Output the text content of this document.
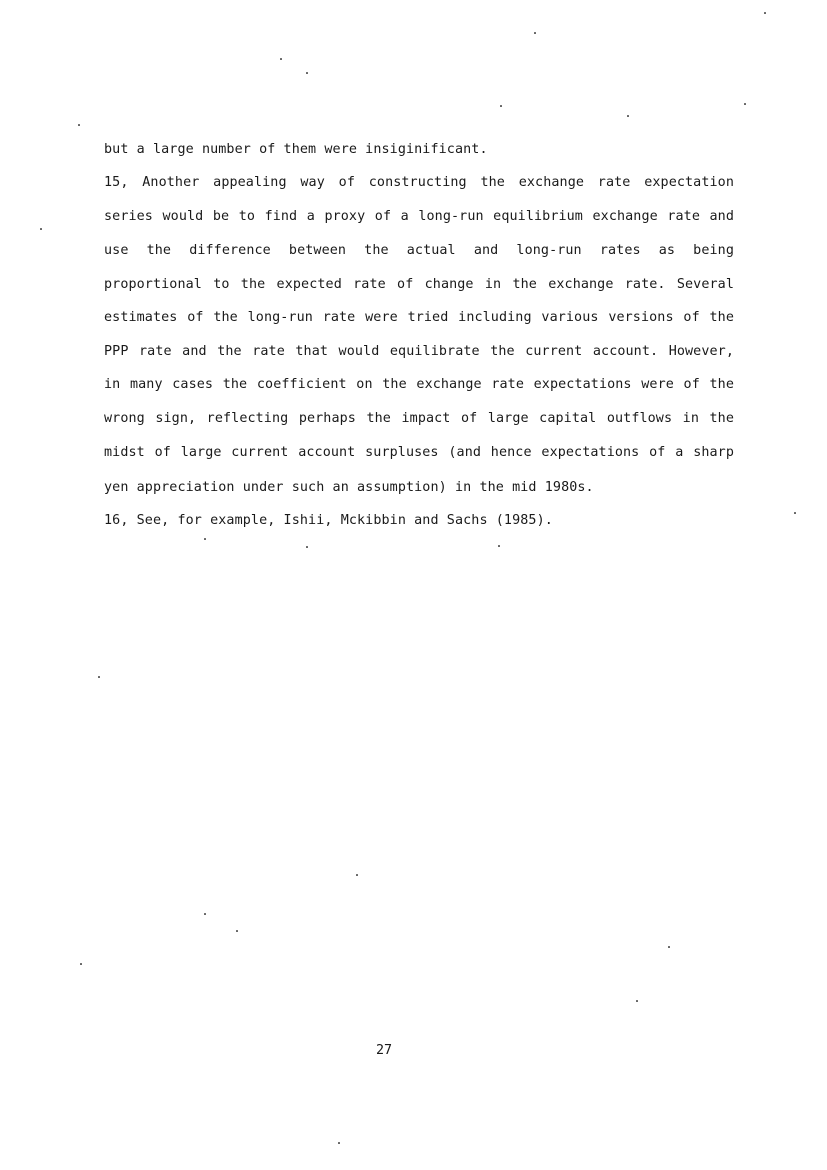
but a large number of them were insiginificant.
15, Another appealing way of constructing the exchange rate expectation
series would be to find a proxy of a long-run equilibrium exchange rate and
use the difference between the actual and long-run rates as being
proportional to the expected rate of change in the exchange rate. Several
estimates of the long-run rate were tried including various versions of the
PPP rate and the rate that would equilibrate the current account. However,
in many cases the coefficient on the exchange rate expectations were of the
wrong sign, reflecting perhaps the impact of large capital outflows in the
midst of large current account surpluses (and hence expectations of a sharp
yen appreciation under such an assumption) in the mid 1980s.
16, See, for example, Ishii, Mckibbin and Sachs (1985).
27
